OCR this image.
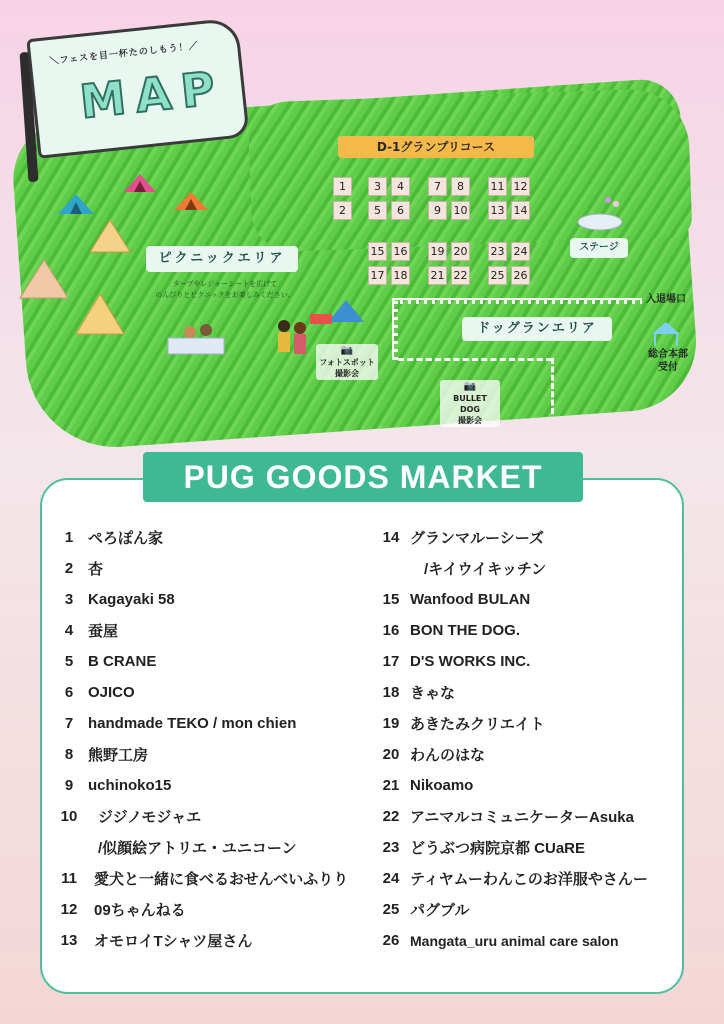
D-1グランプリコース
1
2
3	4
5	6
7	8
9	10
11 12
13 14
15 16
17 18
19 20
21 22
23 24
25 26
ピクニックエリア
タープやレジャーシートを広げて
のんびりとピクニックをお楽しみください。
ドッグランエリア
ステージ
入退場口
総合本部
受付
📷
フォトスポット
撮影会
📷
BULLET DOG
撮影会
＼フェスを目一杯たのしもう！／
MAP
PUG GOODS MARKET
1 ぺろぽん家
2 杏
3 Kagayaki 58
4 蚕屋
5 B CRANE
6 OJICO
7 handmade TEKO / mon chien
8 熊野工房
9 uchinoko15
10	ジジノモジャエ
/似顔絵アトリエ・ユニコーン
11	愛犬と一緒に食べるおせんべいふりり
12	09ちゃんねる
13	オモロイTシャツ屋さん
14 グランマルーシーズ
/キイウイキッチン
15 Wanfood BULAN
16 BON THE DOG.
17 D'S WORKS INC.
18 きゃな
19 あきたみクリエイト
20 わんのはな
21 Nikoamo
22 アニマルコミュニケーターAsuka
23 どうぶつ病院京都 CUaRE
24 ティヤムーわんこのお洋服やさんー
25 パグブル
26 Mangata_uru animal care salon
